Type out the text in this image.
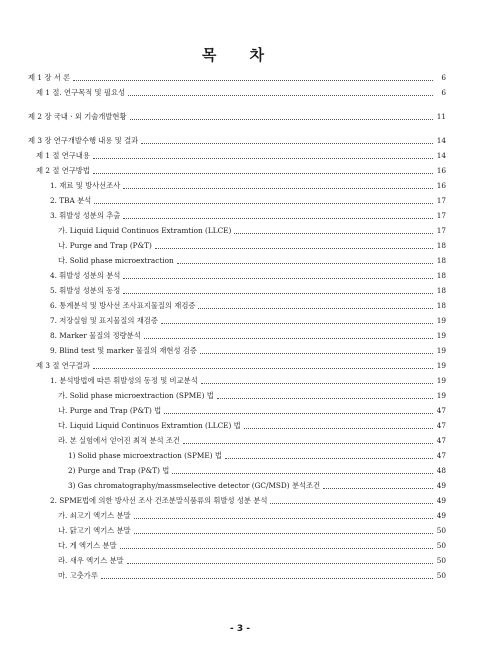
목 차
제 1 장 서 론	6
제 1 절. 연구목적 및 필요성	6
제 2 장 국내ㆍ외 기술개발현황	11
제 3 장 연구개발수행 내용 및 결과	14
제 1 절 연구내용	14
제 2 절 연구방법	16
1. 재료 및 방사선조사	16
2. TBA 분석	17
3. 휘발성 성분의 추출	17
가. Liquid Liquid Continuos Extramtion (LLCE)	17
나. Purge and Trap (P&T)	18
다. Solid phase microextraction	18
4. 휘발성 성분의 분석	18
5. 휘발성 성분의 동정	18
6. 통계분석 및 방사선 조사표지물질의 재검증	18
7. 저장실험 및 표지물질의 재검증	19
8. Marker 물질의 정량분석	19
9. Blind test 및 marker 물질의 재현성 검증	19
제 3 절 연구결과	19
1. 분석방법에 따른 휘발성의 동정 및 비교분석	19
가. Solid phase microextraction (SPME) 법	19
나. Purge and Trap (P&T) 법	47
다. Liquid Liquid Continuos Extramtion (LLCE) 법	47
라. 본 실험에서 얻어진 최적 분석 조건	47
1) Solid phase microextraction (SPME) 법	47
2) Purge and Trap (P&T) 법	48
3) Gas chromatography/massmselective detector (GC/MSD) 분석조건	49
2. SPME법에 의한 방사선 조사 건조분말식품류의 휘발성 성분 분석	49
가. 쇠고기 엑기스 분말	49
나. 닭고기 엑기스 분말	50
다. 게 엑기스 분말	50
라. 새우 엑기스 분말	50
마. 고춧가루	50
- 3 -
